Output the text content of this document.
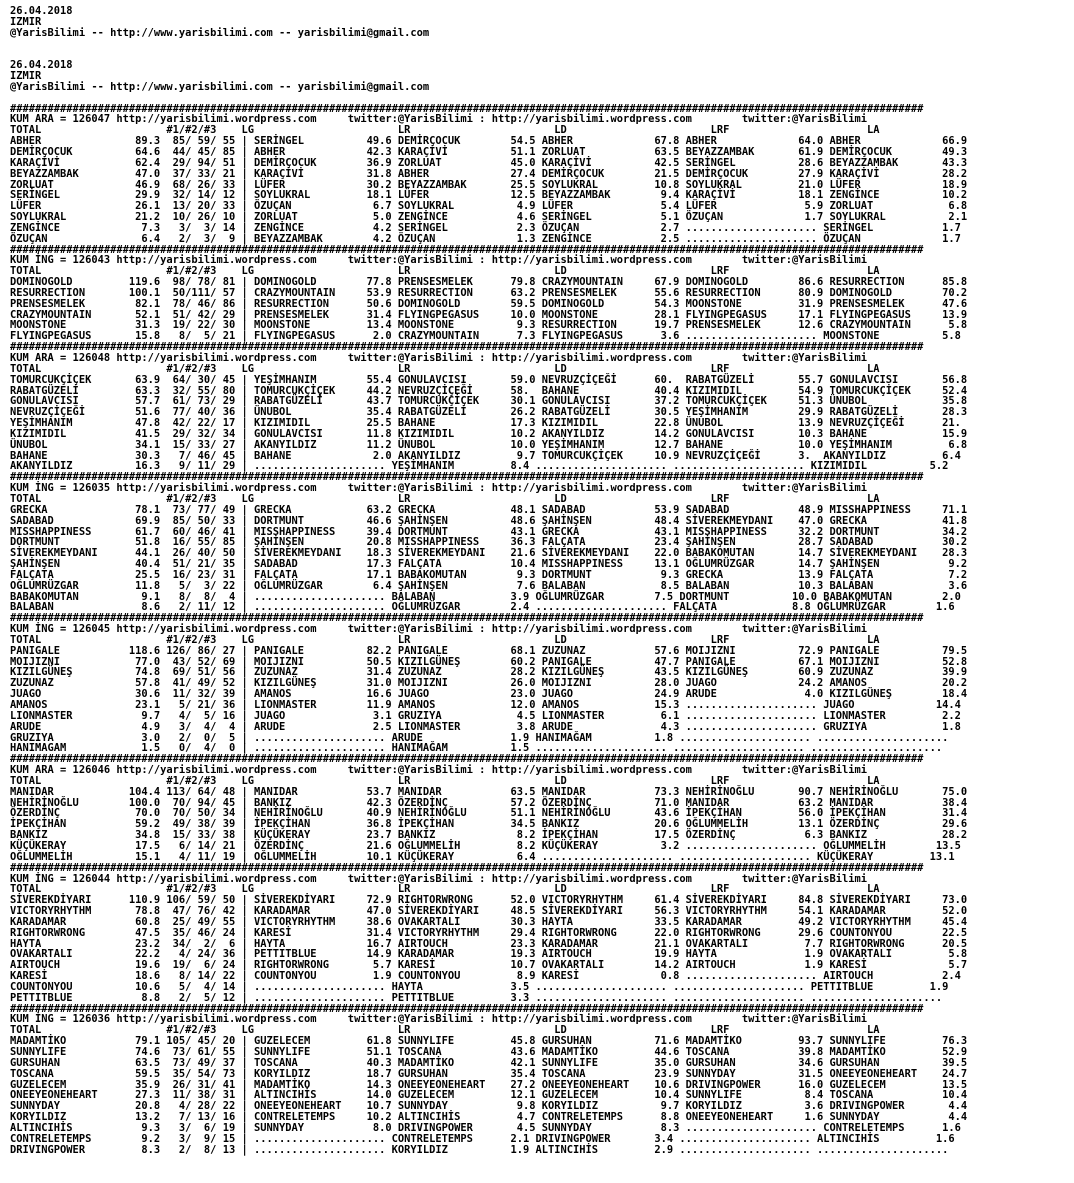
26.04.2018
IZMIR
@YarisBilimi -- http://www.yarisbilimi.com -- yarisbilimi@gmail.com

26.04.2018
IZMIR
@YarisBilimi -- http://www.yarisbilimi.com -- yarisbilimi@gmail.com

##################################################################################################################################################
KUM ARA = 126047 http://yarisbilimi.wordpress.com     twitter:@YarisBilimi : http://yarisbilimi.wordpress.com        twitter:@YarisBilimi
TOTAL                    #1/#2/#3    LG                       LR                       LD                       LRF                      LA
ABHER               89.3  85/ 59/ 55 | SERİNGEL          49.6 DEMİRÇOCUK        54.5 ABHER             67.8 ABHER             64.0 ABHER             66.9
DEMİRÇOCUK          64.6  44/ 45/ 85 | ABHER             42.3 KARAÇİVİ          51.1 ZORLUAT           63.5 BEYAZZAMBAK       61.9 DEMİRÇOCUK        49.3
KARAÇİVİ            62.4  29/ 94/ 51 | DEMİRÇOCUK        36.9 ZORLUAT           45.0 KARAÇİVİ          42.5 SERİNGEL          28.6 BEYAZZAMBAK       43.3
BEYAZZAMBAK         47.0  37/ 33/ 21 | KARAÇİVİ          31.8 ABHER             27.4 DEMİRÇOCUK        21.5 DEMİRÇOCUK        27.9 KARAÇİVİ          28.2
ZORLUAT             46.9  68/ 26/ 33 | LÜFER             30.2 BEYAZZAMBAK       25.5 SOYLUKRAL         10.8 SOYLUKRAL         21.0 LÜFER             18.9
SERİNGEL            29.9  32/ 14/ 12 | SOYLUKRAL         18.1 LÜFER             12.5 BEYAZZAMBAK        9.4 KARAÇİVİ          18.1 ZENGİNCE          10.2
LÜFER               26.1  13/ 20/ 33 | ÖZUÇAN             6.7 SOYLUKRAL          4.9 LÜFER              5.4 LÜFER              5.9 ZORLUAT            6.8
SOYLUKRAL           21.2  10/ 26/ 10 | ZORLUAT            5.0 ZENGİNCE           4.6 SERİNGEL           5.1 ÖZUÇAN             1.7 SOYLUKRAL          2.1
ZENGİNCE             7.3   3/  3/ 14 | ZENGİNCE           4.2 SERİNGEL           2.3 ÖZUÇAN             2.7 ..................... SERİNGEL           1.7
ÖZUÇAN               6.4   2/  3/  9 | BEYAZZAMBAK        4.2 ÖZUÇAN             1.3 ZENGİNCE           2.5 ..................... ÖZUÇAN             1.7
##################################################################################################################################################
KUM İNG = 126043 http://yarisbilimi.wordpress.com     twitter:@YarisBilimi : http://yarisbilimi.wordpress.com        twitter:@YarisBilimi
TOTAL                    #1/#2/#3    LG                       LR                       LD                       LRF                      LA
DOMINOGOLD         119.6  98/ 78/ 81 | DOMINOGOLD        77.8 PRENSESMELEK      79.8 CRAZYMOUNTAIN     67.9 DOMINOGOLD        86.6 RESURRECTION      85.8
RESURRECTION       100.1  50/111/ 57 | CRAZYMOUNTAIN     53.9 RESURRECTION      63.2 PRENSESMELEK      55.6 RESURRECTION      80.9 DOMINOGOLD        70.2
PRENSESMELEK        82.1  78/ 46/ 86 | RESURRECTION      50.6 DOMINOGOLD        59.5 DOMINOGOLD        54.3 MOONSTONE         31.9 PRENSESMELEK      47.6
CRAZYMOUNTAIN       52.1  51/ 42/ 29 | PRENSESMELEK      31.4 FLYINGPEGASUS     10.0 MOONSTONE         28.1 FLYINGPEGASUS     17.1 FLYINGPEGASUS     13.9
MOONSTONE           31.3  19/ 22/ 30 | MOONSTONE         13.4 MOONSTONE          9.3 RESURRECTION      19.7 PRENSESMELEK      12.6 CRAZYMOUNTAIN      5.8
FLYINGPEGASUS       15.8   8/  5/ 21 | FLYINGPEGASUS      2.0 CRAZYMOUNTAIN      7.3 FLYINGPEGASUS      3.6 ..................... MOONSTONE          5.8
##################################################################################################################################################
KUM ARA = 126048 http://yarisbilimi.wordpress.com     twitter:@YarisBilimi : http://yarisbilimi.wordpress.com        twitter:@YarisBilimi
TOTAL                    #1/#2/#3    LG                       LR                       LD                       LRF                      LA
TOMURCUKÇİÇEK       63.9  64/ 30/ 45 | YEŞİMHANIM        55.4 GONULAVCISI       59.0 NEVRUZÇİÇEĞİ      60.  RABATGÜZELİ       55.7 GONULAVCISI       56.8
RABATGÜZELİ         63.3  32/ 55/ 80 | TOMURCUKÇİÇEK     44.2 NEVRUZÇİÇEĞİ      58.  BAHANE            40.4 KIZIMIDIL         54.9 TOMURCUKÇİÇEK     52.4
GONULAVCISI         57.7  61/ 73/ 29 | RABATGÜZELİ       43.7 TOMURCUKÇİÇEK     30.1 GONULAVCISI       37.2 TOMURCUKÇİÇEK     51.3 ÜNUBOL            35.8
NEVRUZÇİÇEĞİ        51.6  77/ 40/ 36 | ÜNUBOL            35.4 RABATGÜZELİ       26.2 RABATGÜZELİ       30.5 YEŞİMHANIM        29.9 RABATGÜZELİ       28.3
YEŞİMHANIM          47.8  42/ 22/ 17 | KIZIMIDIL         25.5 BAHANE            17.3 KIZIMIDIL         22.8 ÜNUBOL            13.9 NEVRUZÇİÇEĞİ      21.
KIZIMIDIL           41.5  29/ 32/ 34 | GONULAVCISI       11.8 KIZIMIDIL         10.2 AKANYILDIZ        14.2 GONULAVCISI       10.3 BAHANE            15.9
ÜNUBOL              34.1  15/ 33/ 27 | AKANYILDIZ        11.2 ÜNUBOL            10.0 YEŞİMHANIM        12.7 BAHANE            10.0 YEŞİMHANIM         6.8
BAHANE              30.3   7/ 46/ 45 | BAHANE             2.0 AKANYILDIZ         9.7 TOMURCUKÇİÇEK     10.9 NEVRUZÇİÇEĞİ      3.  AKANYILDIZ         6.4
AKANYILDIZ          16.3   9/ 11/ 29 | ..................... YEŞİMHANIM         8.4 ..................... ..................... KIZIMIDIL          5.2
##################################################################################################################################################
KUM İNG = 126035 http://yarisbilimi.wordpress.com     twitter:@YarisBilimi : http://yarisbilimi.wordpress.com        twitter:@YarisBilimi
TOTAL                    #1/#2/#3    LG                       LR                       LD                       LRF                      LA
GRECKA              78.1  73/ 77/ 49 | GRECKA            63.2 GRECKA            48.1 SADABAD           53.9 SADABAD           48.9 MISSHAPPINESS     71.1
SADABAD             69.9  85/ 50/ 33 | DORTMUNT          46.6 ŞAHİNŞEN          48.6 ŞAHİNŞEN          48.4 SİVEREKMEYDANI    47.0 GRECKA            41.8
MISSHAPPINESS       61.7  60/ 46/ 41 | MISSHAPPINESS     39.4 DORTMUNT          43.1 GRECKA            43.1 MISSHAPPINESS     32.2 DORTMUNT          34.2
DORTMUNT            51.8  16/ 55/ 85 | ŞAHİNŞEN          20.8 MISSHAPPINESS     36.3 FALÇATA           23.4 ŞAHİNŞEN          28.7 SADABAD           30.2
SİVEREKMEYDANI      44.1  26/ 40/ 50 | SİVEREKMEYDANI    18.3 SİVEREKMEYDANI    21.6 SİVEREKMEYDANI    22.0 BABAKOMUTAN       14.7 SİVEREKMEYDANI    28.3
ŞAHİNŞEN            40.4  51/ 21/ 35 | SADABAD           17.3 FALÇATA           10.4 MISSHAPPINESS     13.1 OĞLUMRÜZGAR       14.7 ŞAHİNŞEN           9.2
FALÇATA             25.5  16/ 23/ 31 | FALÇATA           17.1 BABAKOMUTAN        9.3 DORTMUNT           9.3 GRECKA            13.9 FALÇATA            7.2
OĞLUMRÜZGAR         11.8   5/  3/ 22 | OĞLUMRÜZGAR        6.4 ŞAHİNŞEN           7.6 BALABAN            8.5 BALABAN           10.3 BALABAN            3.6
BABAKOMUTAN          9.1   8/  8/  4 | ..................... BALABAN            3.9 OĞLUMRÜZGAR        7.5 DORTMUNT          10.0 BABAKOMUTAN        2.0
BALABAN              8.6   2/ 11/ 12 | ..................... OĞLUMRÜZGAR        2.4 ..................... FALÇATA            8.8 OĞLUMRÜZGAR        1.6
##################################################################################################################################################
KUM İNG = 126045 http://yarisbilimi.wordpress.com     twitter:@YarisBilimi : http://yarisbilimi.wordpress.com        twitter:@YarisBilimi
TOTAL                    #1/#2/#3    LG                       LR                       LD                       LRF                      LA
PANIGALE           118.6 126/ 86/ 27 | PANIGALE          82.2 PANIGALE          68.1 ZUZUNAZ           57.6 MOIJIZNI          72.9 PANIGALE          79.5
MOIJIZNI            77.0  43/ 52/ 69 | MOIJIZNI          50.5 KIZILGÜNEŞ        60.2 PANIGALE          47.7 PANIGALE          67.1 MOIJIZNI          52.8
KIZILGÜNEŞ          74.8  69/ 51/ 56 | ZUZUNAZ           31.4 ZUZUNAZ           28.2 KIZILGÜNEŞ        43.5 KIZILGÜNEŞ        60.9 ZUZUNAZ           39.9
ZUZUNAZ             57.8  41/ 49/ 52 | KIZILGÜNEŞ        31.0 MOIJIZNI          26.0 MOIJIZNI          28.0 JUAGO             24.2 AMANOS            20.2
JUAGO               30.6  11/ 32/ 39 | AMANOS            16.6 JUAGO             23.0 JUAGO             24.9 ARUDE              4.0 KIZILGÜNEŞ        18.4
AMANOS              23.1   5/ 21/ 36 | LIONMASTER        11.9 AMANOS            12.0 AMANOS            15.3 ..................... JUAGO             14.4
LIONMASTER           9.7   4/  5/ 16 | JUAGO              3.1 GRUZIYA            4.5 LIONMASTER         6.1 ..................... LIONMASTER         2.2
ARUDE                4.9   3/  4/  4 | ARUDE              2.5 LIONMASTER         3.8 ARUDE              4.3 ..................... GRUZIYA            1.8
GRUZIYA              3.0   2/  0/  5 | ..................... ARUDE              1.9 HANIMAĞAM          1.8 ..................... .....................
HANIMAGAM            1.5   0/  4/  0 | ..................... HANIMAĞAM          1.5 ..................... ..................... .....................
##################################################################################################################################################
KUM ARA = 126046 http://yarisbilimi.wordpress.com     twitter:@YarisBilimi : http://yarisbilimi.wordpress.com        twitter:@YarisBilimi
TOTAL                    #1/#2/#3    LG                       LR                       LD                       LRF                      LA
MANIDAR            104.4 113/ 64/ 48 | MANIDAR           53.7 MANIDAR           63.5 MANIDAR           73.3 NEHİRİNOĞLU       90.7 NEHİRİNOĞLU       75.0
NEHİRİNOĞLU        100.0  70/ 94/ 45 | BANKIZ            42.3 ÖZERDİNÇ          57.2 ÖZERDİNÇ          71.0 MANIDAR           63.2 MANIDAR           38.4
ÖZERDİNÇ            70.0  70/ 50/ 34 | NEHİRİNOĞLU       40.9 NEHİRİNOĞLU       51.1 NEHİRİNOĞLU       43.6 İPEKÇİHAN         56.0 İPEKÇİHAN         31.4
İPEKÇİHAN           59.2  49/ 38/ 39 | İPEKÇİHAN         36.8 İPEKÇİHAN         34.5 BANKIZ            20.6 OĞLUMMELİH        13.1 ÖZERDİNÇ          29.6
BANKIZ              34.8  15/ 33/ 38 | KÜÇÜKERAY         23.7 BANKIZ             8.2 İPEKÇİHAN         17.5 ÖZERDİNÇ           6.3 BANKIZ            28.2
KÜÇÜKERAY           17.5   6/ 14/ 21 | ÖZERDİNÇ          21.6 OĞLUMMELİH         8.2 KÜÇÜKERAY          3.2 ..................... OĞLUMMELİH        13.5
OĞLUMMELİH          15.1   4/ 11/ 19 | OĞLUMMELİH        10.1 KÜÇÜKERAY          6.4 ..................... ..................... KÜÇÜKERAY         13.1
##################################################################################################################################################
KUM İNG = 126044 http://yarisbilimi.wordpress.com     twitter:@YarisBilimi : http://yarisbilimi.wordpress.com        twitter:@YarisBilimi
TOTAL                    #1/#2/#3    LG                       LR                       LD                       LRF                      LA
SİVEREKDİYARI      110.9 106/ 59/ 50 | SİVEREKDİYARI     72.9 RIGHTORWRONG      52.0 VICTORYRHYTHM     61.4 SİVEREKDİYARI     84.8 SİVEREKDİYARI     73.0
VICTORYRHYTHM       78.8  47/ 76/ 42 | KARADAMAR         47.0 SİVEREKDİYARI     48.5 SİVEREKDİYARI     56.3 VICTORYRHYTHM     54.1 KARADAMAR         52.0
KARADAMAR           60.8  25/ 49/ 55 | VICTORYRHYTHM     38.6 OVAKARTALI        30.3 HAYTA             33.5 KARADAMAR         49.2 VICTORYRHYTHM     45.4
RIGHTORWRONG        47.5  35/ 46/ 24 | KARESİ            31.4 VICTORYRHYTHM     29.4 RIGHTORWRONG      22.0 RIGHTORWRONG      29.6 COUNTONYOU        22.5
HAYTA               23.2  34/  2/  6 | HAYTA             16.7 AIRTOUCH          23.3 KARADAMAR         21.1 OVAKARTALI         7.7 RIGHTORWRONG      20.5
OVAKARTALI          22.2   4/ 24/ 36 | PETTITBLUE        14.9 KARADAMAR         19.3 AIRTOUCH          19.9 HAYTA              1.9 OVAKARTALI         5.8
AIRTOUCH            19.6  19/  6/ 24 | RIGHTORWRONG       5.7 KARESİ            10.7 OVAKARTALI        14.2 AIRTOUCH           1.9 KARESİ             5.7
KARESİ              18.6   8/ 14/ 22 | COUNTONYOU         1.9 COUNTONYOU         8.9 KARESİ             0.8 ..................... AIRTOUCH           2.4
COUNTONYOU          10.6   5/  4/ 14 | ..................... HAYTA              3.5 ..................... ..................... PETTITBLUE         1.9
PETTITBLUE           8.8   2/  5/ 12 | ..................... PETTITBLUE         3.3 ..................... ..................... .....................
##################################################################################################################################################
KUM İNG = 126036 http://yarisbilimi.wordpress.com     twitter:@YarisBilimi : http://yarisbilimi.wordpress.com        twitter:@YarisBilimi
TOTAL                    #1/#2/#3    LG                       LR                       LD                       LRF                      LA
MADAMTİKO           79.1 105/ 45/ 20 | GUZELECEM         61.8 SUNNYLIFE         45.8 GURSUHAN          71.6 MADAMTİKO         93.7 SUNNYLIFE         76.3
SUNNYLIFE           74.6  73/ 61/ 55 | SUNNYLIFE         51.1 TOSCANA           43.6 MADAMTİKO         44.6 TOSCANA           39.8 MADAMTİKO         52.9
GURSUHAN            63.5  73/ 49/ 37 | TOSCANA           40.3 MADAMTİKO         42.1 SUNNYLIFE         35.0 GURSUHAN          34.6 GURSUHAN          39.5
TOSCANA             59.5  35/ 54/ 73 | KORYILDIZ         18.7 GURSUHAN          35.4 TOSCANA           23.9 SUNNYDAY          31.5 ONEEYEONEHEART    24.7
GUZELECEM           35.9  26/ 31/ 41 | MADAMTİKO         14.3 ONEEYEONEHEART    27.2 ONEEYEONEHEART    10.6 DRIVINGPOWER      16.0 GUZELECEM         13.5
ONEEYEONEHEART      27.3  11/ 38/ 31 | ALTINCIHİS        14.0 GUZELECEM         12.1 GUZELECEM         10.4 SUNNYLIFE          8.4 TOSCANA           10.4
SUNNYDAY            20.8   4/ 28/ 22 | ONEEYEONEHEART    10.7 SUNNYDAY           9.8 KORYILDIZ          9.7 KORYILDIZ          3.6 DRIVINGPOWER       4.4
KORYILDIZ           13.2   7/ 13/ 16 | CONTRELETEMPS     10.2 ALTINCIHİS         4.7 CONTRELETEMPS      8.8 ONEEYEONEHEART     1.6 SUNNYDAY           4.4
ALTINCIHİS           9.3   3/  6/ 19 | SUNNYDAY           8.0 DRIVINGPOWER       4.5 SUNNYDAY           8.3 ..................... CONTRELETEMPS      1.6
CONTRELETEMPS        9.2   3/  9/ 15 | ..................... CONTRELETEMPS      2.1 DRIVINGPOWER       3.4 ..................... ALTINCIHİS         1.6
DRIVINGPOWER         8.3   2/  8/ 13 | ..................... KORYILDIZ          1.9 ALTINCIHİS         2.9 ..................... .....................
